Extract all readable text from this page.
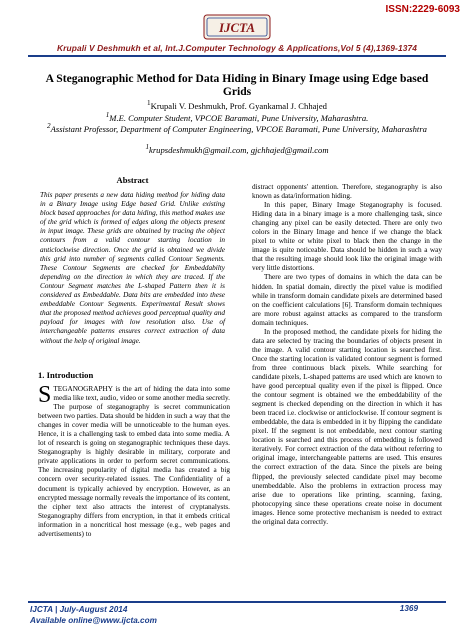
ISSN:2229-6093
IJCTA
Krupali V Deshmukh et al, Int.J.Computer Technology & Applications,Vol 5 (4),1369-1374
A Steganographic Method for Data Hiding in Binary Image using Edge based Grids
$^1$Krupali V. Deshmukh, Prof. Gyankamal J. Chhajed
$^1$M.E. Computer Student, VPCOE Baramati, Pune University, Maharashtra.
$^2$Assistant Professor, Department of Computer Engineering, VPCOE Baramati, Pune University, Maharashtra
$^1$krupsdeshmukh@gmail.com, gjchhajed@gmail.com
Abstract
This paper presents a new data hiding method for hiding data in a Binary Image using Edge based Grid. Unlike existing block based approaches for data hiding, this method makes use of the grid which is formed of edges along the objects present in input image. These grids are obtained by tracing the object contours from a valid contour starting location in anticlockwise direction. Once the grid is obtained we divide this grid into number of segments called Contour Segments. These Contour Segments are checked for Embeddabilty depending on the direction in which they are traced. If the Contour Segment matches the L-shaped Pattern then it is considered as Embeddable. Data bits are embedded into these embeddable Contour Segments. Experimental Result shows that the proposed method achieves good perceptual quality and payload for images with low resolution also. Use of interchangeable patterns ensures correct extraction of data without the help of original image.
1. Introduction
STEGANOGRAPHY is the art of hiding the data into some media like text, audio, video or some another media secretly. The purpose of steganography is secret communication between two parties. Data should be hidden in such a way that the changes in cover media will be unnoticeable to the human eyes. Hence, it is a challenging task to embed data into some media. A lot of research is going on steganographic techniques these days. Steganography is highly desirable in military, corporate and private applications in order to perform secret communications. The increasing popularity of digital media has created a big concern over security-related issues. The Confidentiality of a document is typically achieved by encryption. However, as an encrypted message normally reveals the importance of its content, the cipher text also attracts the interest of cryptanalysts. Steganography differs from encryption, in that it embeds critical information in a noncritical host message (e.g., web pages and advertisements) to

distract opponents' attention. Therefore, steganography is also known as data/information hiding.

In this paper, Binary Image Steganography is focused. Hiding data in a binary image is a more challenging task, since changing any pixel can be easily detected. There are only two colors in the Binary Image and hence if we change the black pixel to white or white pixel to black then the change in the image is quite noticeable. Data should be hidden in such a way that the resulting image should look like the original image with very little distortions.

There are two types of domains in which the data can be hidden. In spatial domain, directly the pixel value is modified while in transform domain candidate pixels are determined based on the coefficient calculations [6]. Transform domain techniques are more robust against attacks as compared to the transform domain techniques.

In the proposed method, the candidate pixels for hiding the data are selected by tracing the boundaries of objects present in the image. A valid contour starting location is searched first. Once the starting location is validated contour segment is formed from three continuous black pixels. While searching for candidate pixels, L-shaped patterns are used which are known to have good perceptual quality even if the pixel is flipped. Once the contour segment is obtained we the embeddability of the segment is checked depending on the direction in which it has been traced i.e. clockwise or anticlockwise. If contour segment is embeddable, the data is embedded in it by flipping the candidate pixel. If the segment is not embeddable, next contour starting location is searched and this process of embedding is followed iteratively. For correct extraction of the data without referring to original image, interchangeable patterns are used. This ensures the correct extraction of the data. Since the pixels are being flipped, the previously selected candidate pixel may become unembeddable. Also the problems in extraction process may arise due to operations like printing, scanning, faxing, photocopying since these operations create noise in document images. Hence some protective mechanism is needed to extract the original data correctly.

IJCTA | July-August 2014
Available online@www.ijcta.com
1369
